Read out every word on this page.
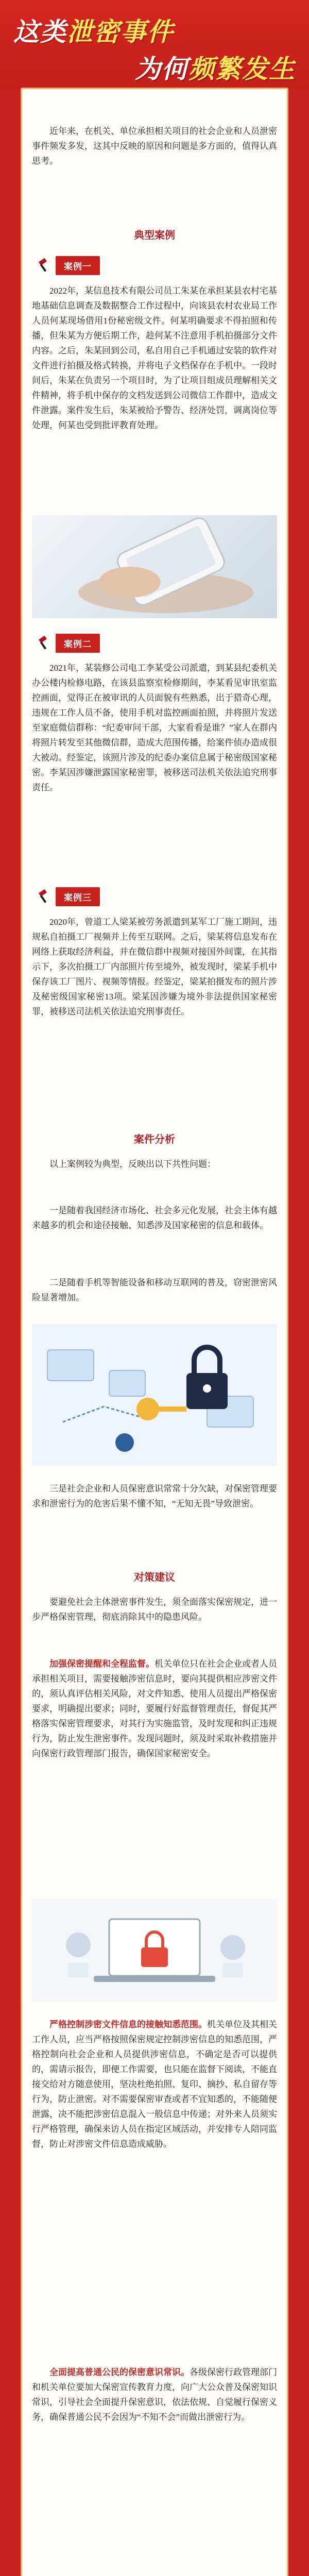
这类泄密事件
为何频繁发生

近年来，在机关、单位承担相关项目的社会企业和人员泄密事件频发多发，这其中反映的原因和问题是多方面的，值得认真思考。

典型案例
案例一

2022年，某信息技术有限公司员工朱某在承担某县农村宅基地基础信息调查及数据整合工作过程中，向该县农村农业局工作人员何某现场借用1份秘密级文件。何某明确要求不得拍照和传播，但朱某为方便后期工作，趁何某不注意用手机拍摄部分文件内容。之后，朱某回到公司，私自用自己手机通过安装的软件对文件进行拍摄及格式转换，并将电子文档保存在手机中。一段时间后，朱某在负责另一个项目时，为了让项目组成员理解相关文件精神，将手机中保存的文档发送到公司微信工作群中，造成文件泄露。案件发生后，朱某被给予警告、经济处罚，调离岗位等处理，何某也受到批评教育处理。

案例二

2021年，某装修公司电工李某受公司派遣，到某县纪委机关办公楼内检修电路，在该县监察室检修期间，李某看见审讯室监控画面，觉得正在被审讯的人员面貌有些熟悉，出于猎奇心理，违规在工作人员不备，使用手机对监控画面拍照，并将照片发送至家庭微信群称：“纪委审问干部，大家看看是谁？”家人在群内将照片转发至其他微信群，造成大范围传播，给案件侦办造成很大被动。经鉴定，该照片涉及的纪委办案信息属于秘密级国家秘密。李某因涉嫌泄露国家秘密罪，被移送司法机关依法追究刑事责任。

案例三

2020年，曾道工人梁某被劳务派遣到某军工厂施工期间，违规私自拍摄工厂视频并上传至互联网。之后，梁某将信息发布在网络上获取经济利益，并在微信群中视频对接国外间谍，在其指示下，多次拍摄工厂内部照片传至境外，被发现时，梁某手机中保存该工厂图片、视频等情报。经鉴定，梁某拍摄发布的照片涉及秘密级国家秘密13项。梁某因涉嫌为境外非法提供国家秘密罪，被移送司法机关依法追究刑事责任。

案件分析

以上案例较为典型，反映出以下共性问题：

一是随着我国经济市场化、社会多元化发展，社会主体有越来越多的机会和途径接触、知悉涉及国家秘密的信息和载体。

二是随着手机等智能设备和移动互联网的普及，窃密泄密风险显著增加。

三是社会企业和人员保密意识常常十分欠缺，对保密管理要求和泄密行为的危害后果不懂不知，“无知无畏”导致泄密。

对策建议

要避免社会主体泄密事件发生，须全面落实保密规定，进一步严格保密管理，彻底消除其中的隐患风险。

加强保密提醒和全程监督。机关单位只在社会企业或者人员承担相关项目，需要接触涉密信息时，要向其提供相应涉密文件的，须认真评估相关风险，对文件知悉、使用人员提出严格保密要求，明确提出要求；同时，要履行好监督管理责任，督促其严格落实保密管理要求，对其行为实施监管，及时发现和纠正违规行为，防止发生泄密事件。发现问题时，须及时采取补救措施并向保密行政管理部门报告，确保国家秘密安全。

严格控制涉密文件信息的接触知悉范围。机关单位及其相关工作人员，应当严格按照保密规定控制涉密信息的知悉范围，严格控制向社会企业和人员提供涉密信息，不确定是否可以提供的，需请示报告，即便工作需要，也只能在监督下阅读，不能直接交给对方随意使用，坚决杜绝拍照、复印、摘抄、私自留存等行为，防止泄密。对不需要保密审查或者不宜知悉的，不能随便泄露，决不能把涉密信息混入一般信息中传递；对外来人员须实行严格管理，确保来访人员在指定区域活动，并安排专人陪同监督，防止对涉密文件信息造成威胁。

全面提高普通公民的保密意识常识。各级保密行政管理部门和机关单位要加大保密宣传教育力度，向广大公众普及保密知识常识，引导社会全面提升保密意识，依法依规、自觉履行保密义务，确保普通公民不会因为“不知不会”而做出泄密行为。
